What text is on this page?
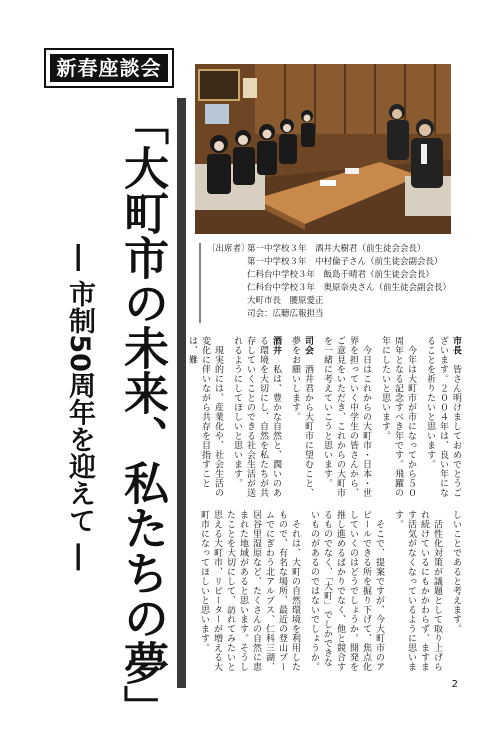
新春座談会
「大町市の未来、私たちの夢」
― 市制50周年を迎えて ―	〔出席者〕第一中学校３年　酒井大樹君（前生徒会会長）
第一中学校３年　中村倫子さん（前生徒会副会長）
仁科台中学校３年　飯島千晴君（前生徒会会長）
仁科台中学校３年　奥原奈央さん（前生徒会副会長）
大町市長　腰原愛正
司会：広聴広報担当

市長　皆さん明けましておめでとうございます。２００４年は、良い年になることを祈りたいと思います。

　今年は大町市が市になってから５０周年となる記念すべき年です。飛躍の年にしたいと思います。

　今日はこれからの大町市・日本・世界を担っていく中学生の皆さんから、ご意見をいただき、これからの大町市を一緒に考えていこうと思います。

司会　酒井君から大町市に望むこと、夢をお願いします。

酒井　私は、豊かな自然と、潤いのある環境を大切にし、自然を私たちが共存していくことのできる社会生活が送れるようにしてほしいと思います。

　現実的には、産業化や、社会生活の変化に伴いながら共存を目指すことは、難

しいことであると考えます。

　活性化対策が議題として取り上げられ続けているにもかかわらず、ますます活気がなくなっているように思います。

　そこで、提案ですが、今大町市のアピールできる所を掘り下げて、焦点化していくのはどうでしょうか。開発を推し進めるばかりでなく、他と競合するものでなく、「大町」でしかできないものがあるのではないでしょうか。

　それは、大町の自然環境を利用したもので、有名な場所、最近の登山ブームでにぎわう北アルプス、仁科三湖、居谷里湿原など、たくさんの自然に恵まれた地域があると思います。そうしたことを大切にして、訪れてみたいと思える大町市、リピーターが増える大町市になってほしいと思います。

2
